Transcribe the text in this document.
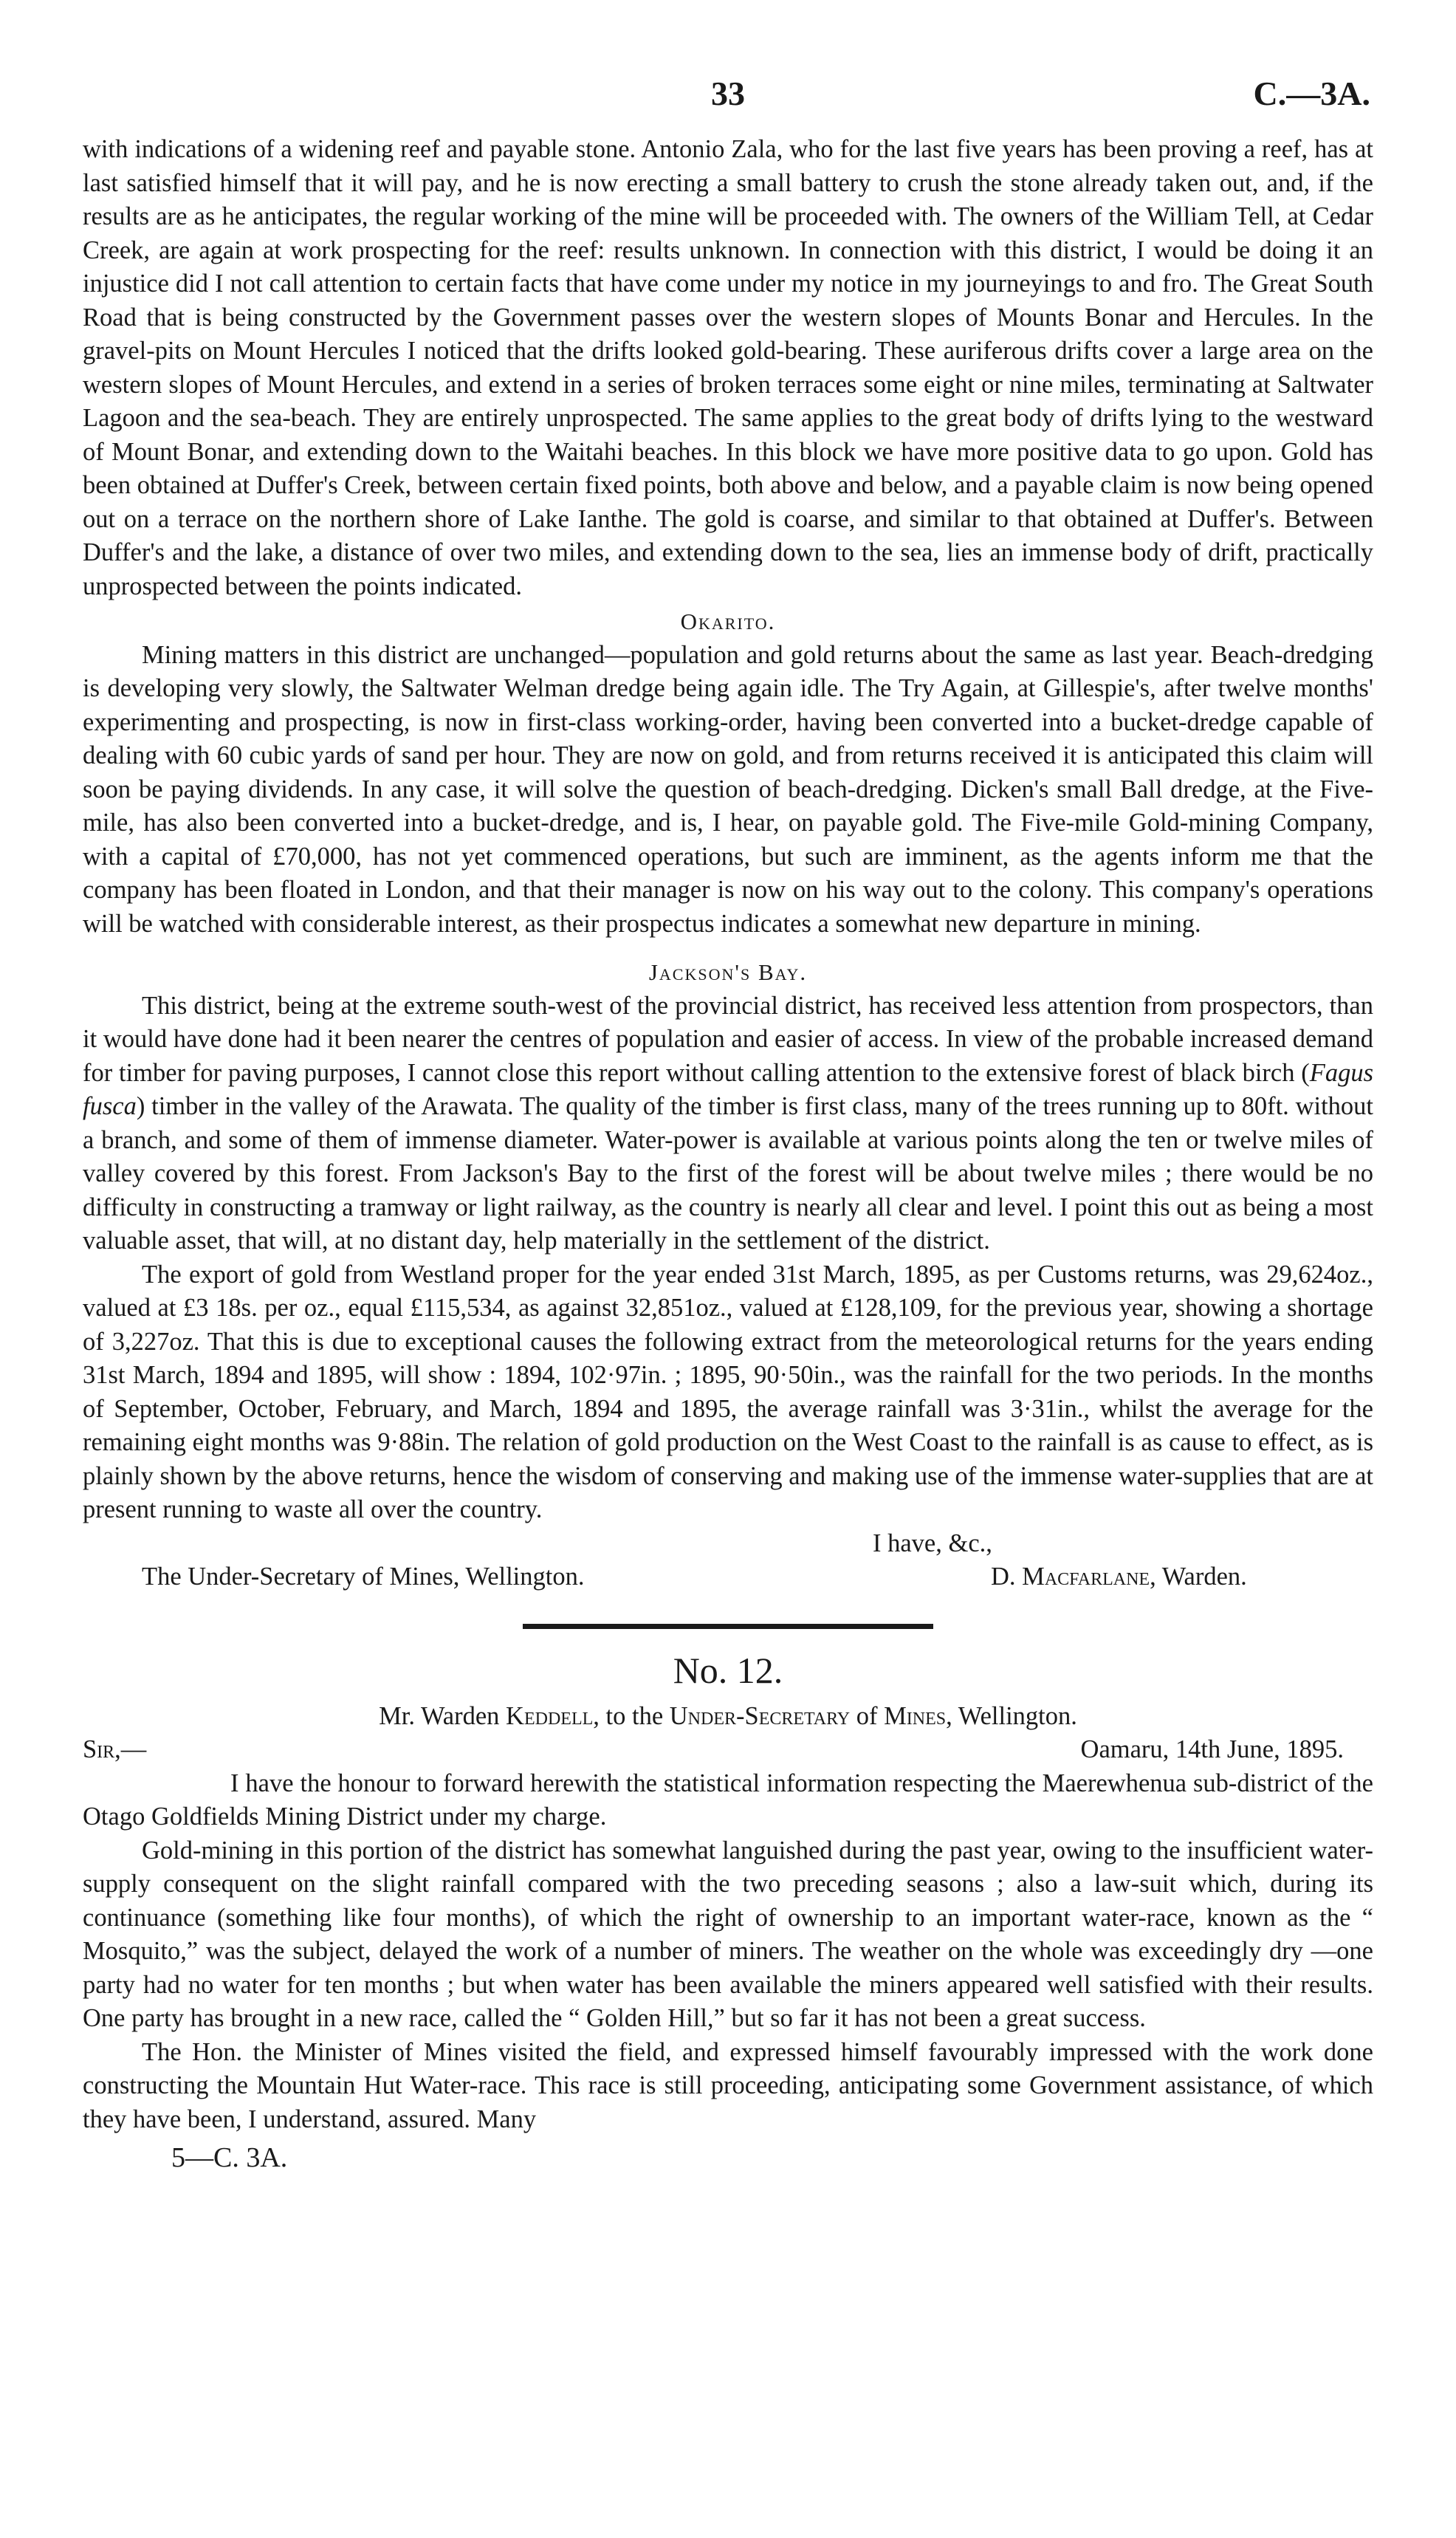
33	C.—3A.

with indications of a widening reef and payable stone. Antonio Zala, who for the last five years has been proving a reef, has at last satisfied himself that it will pay, and he is now erecting a small battery to crush the stone already taken out, and, if the results are as he anticipates, the regular working of the mine will be proceeded with. The owners of the William Tell, at Cedar Creek, are again at work prospecting for the reef: results unknown. In connection with this district, I would be doing it an injustice did I not call attention to certain facts that have come under my notice in my journeyings to and fro. The Great South Road that is being constructed by the Government passes over the western slopes of Mounts Bonar and Hercules. In the gravel-pits on Mount Hercules I noticed that the drifts looked gold-bearing. These auriferous drifts cover a large area on the western slopes of Mount Hercules, and extend in a series of broken terraces some eight or nine miles, terminating at Saltwater Lagoon and the sea-beach. They are entirely unprospected. The same applies to the great body of drifts lying to the westward of Mount Bonar, and extending down to the Waitahi beaches. In this block we have more positive data to go upon. Gold has been obtained at Duffer's Creek, between certain fixed points, both above and below, and a payable claim is now being opened out on a terrace on the northern shore of Lake Ianthe. The gold is coarse, and similar to that obtained at Duffer's. Between Duffer's and the lake, a distance of over two miles, and extending down to the sea, lies an immense body of drift, practically unprospected between the points indicated.

Okarito.

Mining matters in this district are unchanged—population and gold returns about the same as last year. Beach-dredging is developing very slowly, the Saltwater Welman dredge being again idle. The Try Again, at Gillespie's, after twelve months' experimenting and prospecting, is now in first-class working-order, having been converted into a bucket-dredge capable of dealing with 60 cubic yards of sand per hour. They are now on gold, and from returns received it is anticipated this claim will soon be paying dividends. In any case, it will solve the question of beach-dredging. Dicken's small Ball dredge, at the Five-mile, has also been converted into a bucket-dredge, and is, I hear, on payable gold. The Five-mile Gold-mining Company, with a capital of £70,000, has not yet commenced operations, but such are imminent, as the agents inform me that the company has been floated in London, and that their manager is now on his way out to the colony. This company's operations will be watched with considerable interest, as their prospectus indicates a somewhat new departure in mining.

Jackson's Bay.

This district, being at the extreme south-west of the provincial district, has received less attention from prospectors, than it would have done had it been nearer the centres of population and easier of access. In view of the probable increased demand for timber for paving purposes, I cannot close this report without calling attention to the extensive forest of black birch (Fagus fusca) timber in the valley of the Arawata. The quality of the timber is first class, many of the trees running up to 80ft. without a branch, and some of them of immense diameter. Water-power is available at various points along the ten or twelve miles of valley covered by this forest. From Jackson's Bay to the first of the forest will be about twelve miles ; there would be no difficulty in constructing a tramway or light railway, as the country is nearly all clear and level. I point this out as being a most valuable asset, that will, at no distant day, help materially in the settlement of the district.

The export of gold from Westland proper for the year ended 31st March, 1895, as per Customs returns, was 29,624oz., valued at £3 18s. per oz., equal £115,534, as against 32,851oz., valued at £128,109, for the previous year, showing a shortage of 3,227oz. That this is due to exceptional causes the following extract from the meteorological returns for the years ending 31st March, 1894 and 1895, will show : 1894, 102·97in. ; 1895, 90·50in., was the rainfall for the two periods. In the months of September, October, February, and March, 1894 and 1895, the average rainfall was 3·31in., whilst the average for the remaining eight months was 9·88in. The relation of gold production on the West Coast to the rainfall is as cause to effect, as is plainly shown by the above returns, hence the wisdom of conserving and making use of the immense water-supplies that are at present running to waste all over the country.

I have, &c.,
The Under-Secretary of Mines, Wellington.	D. Macfarlane, Warden.

No. 12.

Mr. Warden Keddell, to the Under-Secretary of Mines, Wellington.

Sir,—	Oamaru, 14th June, 1895.

I have the honour to forward herewith the statistical information respecting the Maerewhenua sub-district of the Otago Goldfields Mining District under my charge.

Gold-mining in this portion of the district has somewhat languished during the past year, owing to the insufficient water-supply consequent on the slight rainfall compared with the two preceding seasons ; also a law-suit which, during its continuance (something like four months), of which the right of ownership to an important water-race, known as the “ Mosquito,” was the subject, delayed the work of a number of miners. The weather on the whole was exceedingly dry —one party had no water for ten months ; but when water has been available the miners appeared well satisfied with their results. One party has brought in a new race, called the “ Golden Hill,” but so far it has not been a great success.

The Hon. the Minister of Mines visited the field, and expressed himself favourably impressed with the work done constructing the Mountain Hut Water-race. This race is still proceeding, anticipating some Government assistance, of which they have been, I understand, assured. Many

5—C. 3A.
